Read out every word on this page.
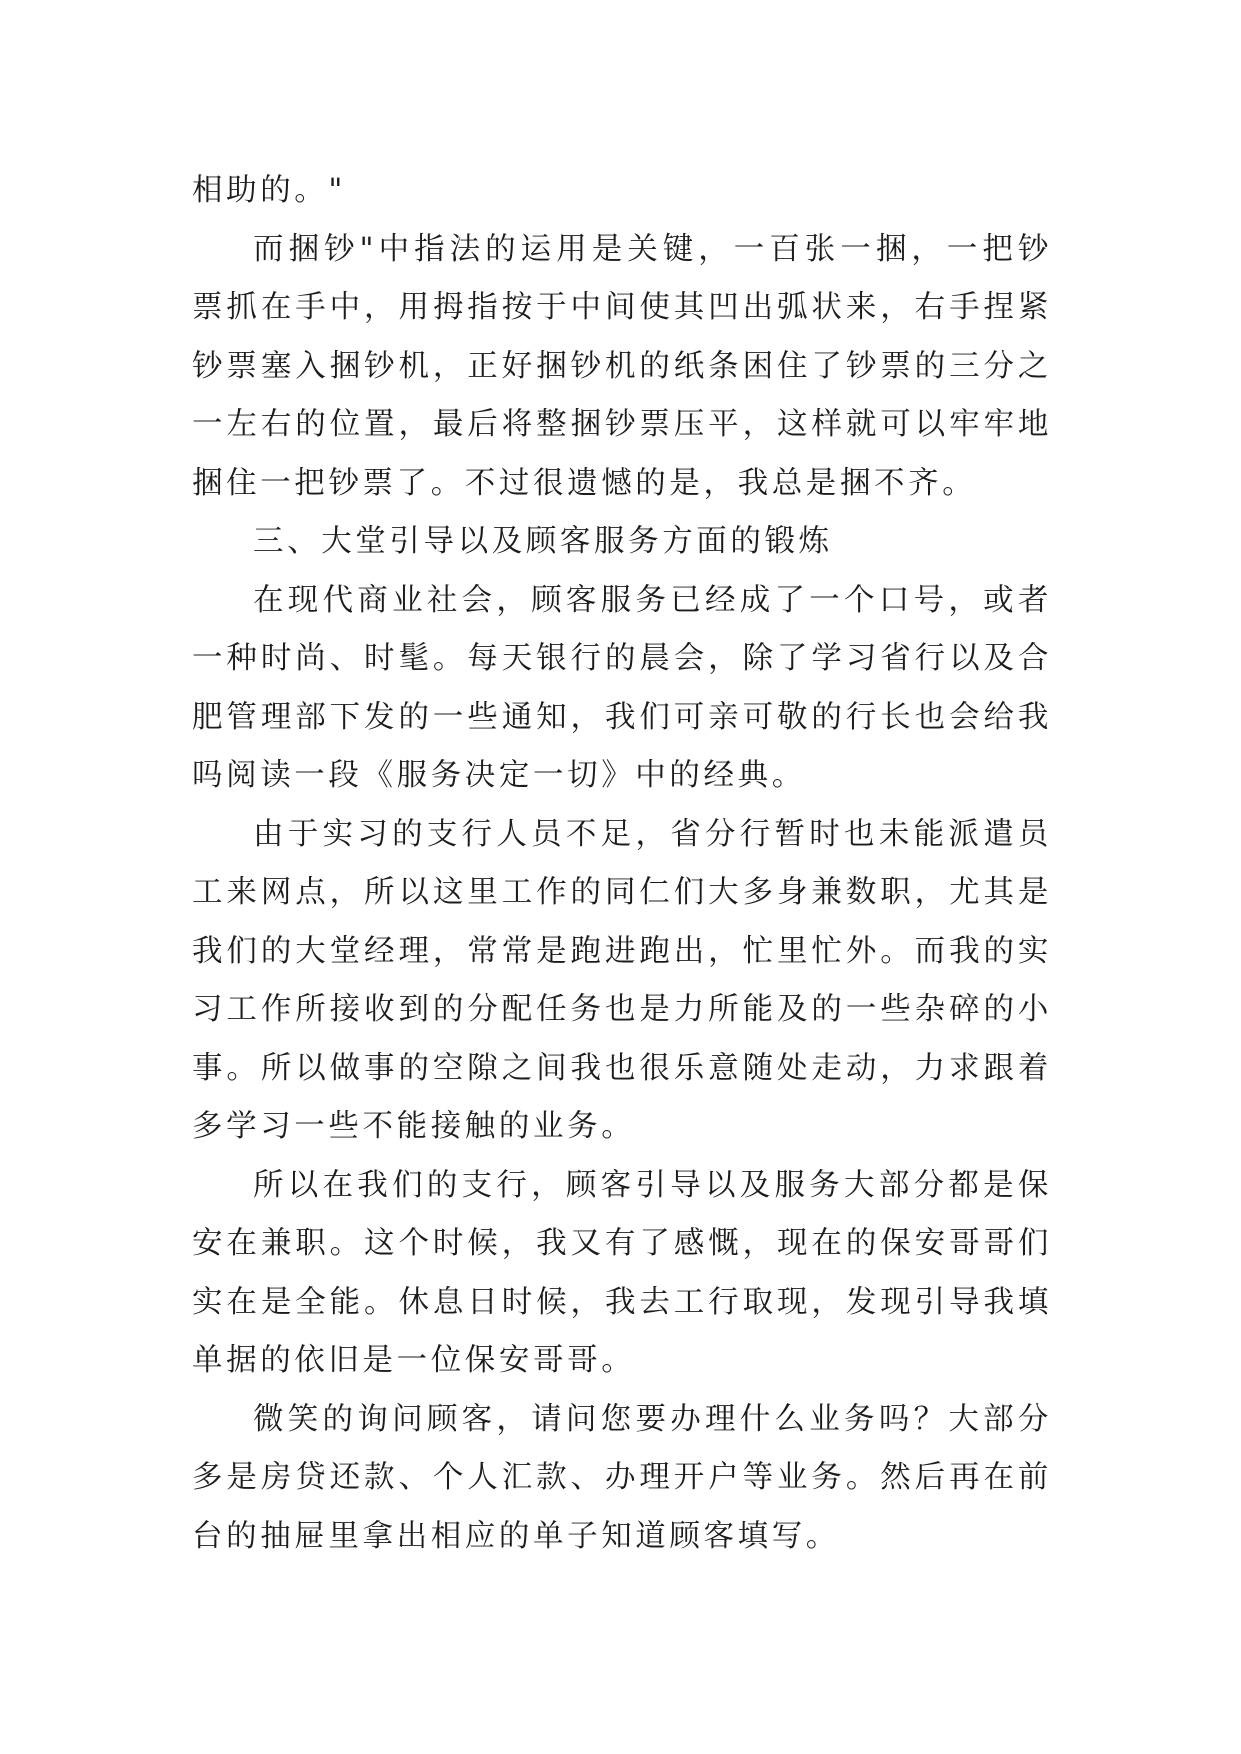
相助的。"

而捆钞"中指法的运用是关键，一百张一捆，一把钞票抓在手中，用拇指按于中间使其凹出弧状来，右手捏紧钞票塞入捆钞机，正好捆钞机的纸条困住了钞票的三分之一左右的位置，最后将整捆钞票压平，这样就可以牢牢地捆住一把钞票了。不过很遗憾的是，我总是捆不齐。

三、大堂引导以及顾客服务方面的锻炼

在现代商业社会，顾客服务已经成了一个口号，或者一种时尚、时髦。每天银行的晨会，除了学习省行以及合肥管理部下发的一些通知，我们可亲可敬的行长也会给我吗阅读一段《服务决定一切》中的经典。

由于实习的支行人员不足，省分行暂时也未能派遣员工来网点，所以这里工作的同仁们大多身兼数职，尤其是我们的大堂经理，常常是跑进跑出，忙里忙外。而我的实习工作所接收到的分配任务也是力所能及的一些杂碎的小事。所以做事的空隙之间我也很乐意随处走动，力求跟着多学习一些不能接触的业务。

所以在我们的支行，顾客引导以及服务大部分都是保安在兼职。这个时候，我又有了感慨，现在的保安哥哥们实在是全能。休息日时候，我去工行取现，发现引导我填单据的依旧是一位保安哥哥。

微笑的询问顾客，请问您要办理什么业务吗？大部分多是房贷还款、个人汇款、办理开户等业务。然后再在前台的抽屉里拿出相应的单子知道顾客填写。
